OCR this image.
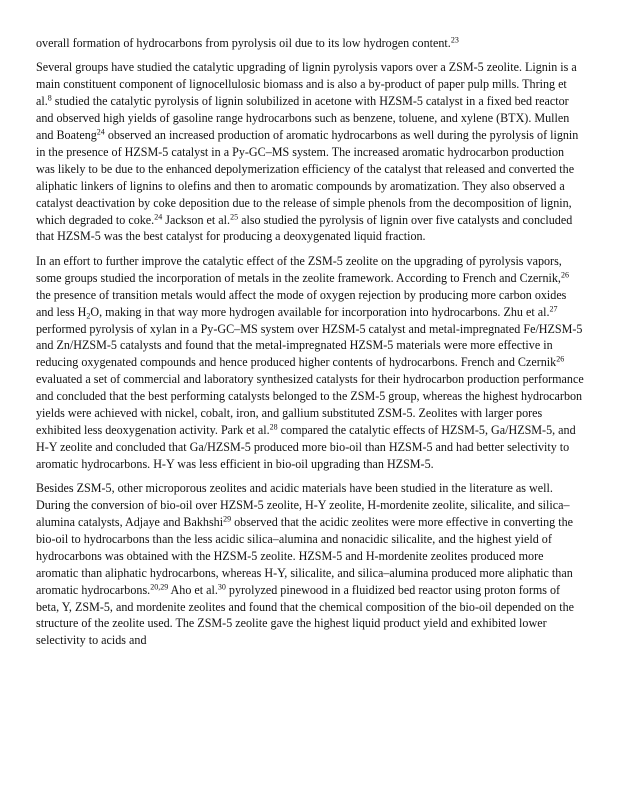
overall formation of hydrocarbons from pyrolysis oil due to its low hydrogen content.$^{23}$

Several groups have studied the catalytic upgrading of lignin pyrolysis vapors over a ZSM-5 zeolite. Lignin is a main constituent component of lignocellulosic biomass and is also a by-product of paper pulp mills. Thring et al.$^8$ studied the catalytic pyrolysis of lignin solubilized in acetone with HZSM-5 catalyst in a fixed bed reactor and observed high yields of gasoline range hydrocarbons such as benzene, toluene, and xylene (BTX). Mullen and Boateng$^{24}$ observed an increased production of aromatic hydrocarbons as well during the pyrolysis of lignin in the presence of HZSM-5 catalyst in a Py-GC–MS system. The increased aromatic hydrocarbon production was likely to be due to the enhanced depolymerization efficiency of the catalyst that released and converted the aliphatic linkers of lignins to olefins and then to aromatic compounds by aromatization. They also observed a catalyst deactivation by coke deposition due to the release of simple phenols from the decomposition of lignin, which degraded to coke.$^{24}$ Jackson et al.$^{25}$ also studied the pyrolysis of lignin over five catalysts and concluded that HZSM-5 was the best catalyst for producing a deoxygenated liquid fraction.

In an effort to further improve the catalytic effect of the ZSM-5 zeolite on the upgrading of pyrolysis vapors, some groups studied the incorporation of metals in the zeolite framework. According to French and Czernik,$^{26}$ the presence of transition metals would affect the mode of oxygen rejection by producing more carbon oxides and less $H_2O$, making in that way more hydrogen available for incorporation into hydrocarbons. Zhu et al.$^{27}$ performed pyrolysis of xylan in a Py-GC–MS system over HZSM-5 catalyst and metal-impregnated Fe/HZSM-5 and Zn/HZSM-5 catalysts and found that the metal-impregnated HZSM-5 materials were more effective in reducing oxygenated compounds and hence produced higher contents of hydrocarbons. French and Czernik$^{26}$ evaluated a set of commercial and laboratory synthesized catalysts for their hydrocarbon production performance and concluded that the best performing catalysts belonged to the ZSM-5 group, whereas the highest hydrocarbon yields were achieved with nickel, cobalt, iron, and gallium substituted ZSM-5. Zeolites with larger pores exhibited less deoxygenation activity. Park et al.$^{28}$ compared the catalytic effects of HZSM-5, Ga/HZSM-5, and H-Y zeolite and concluded that Ga/HZSM-5 produced more bio-oil than HZSM-5 and had better selectivity to aromatic hydrocarbons. H-Y was less efficient in bio-oil upgrading than HZSM-5.

Besides ZSM-5, other microporous zeolites and acidic materials have been studied in the literature as well. During the conversion of bio-oil over HZSM-5 zeolite, H-Y zeolite, H-mordenite zeolite, silicalite, and silica–alumina catalysts, Adjaye and Bakhshi$^{29}$ observed that the acidic zeolites were more effective in converting the bio-oil to hydrocarbons than the less acidic silica–alumina and nonacidic silicalite, and the highest yield of hydrocarbons was obtained with the HZSM-5 zeolite. HZSM-5 and H-mordenite zeolites produced more aromatic than aliphatic hydrocarbons, whereas H-Y, silicalite, and silica–alumina produced more aliphatic than aromatic hydrocarbons.$^{20,29}$ Aho et al.$^{30}$ pyrolyzed pinewood in a fluidized bed reactor using proton forms of beta, Y, ZSM-5, and mordenite zeolites and found that the chemical composition of the bio-oil depended on the structure of the zeolite used. The ZSM-5 zeolite gave the highest liquid product yield and exhibited lower selectivity to acids and
